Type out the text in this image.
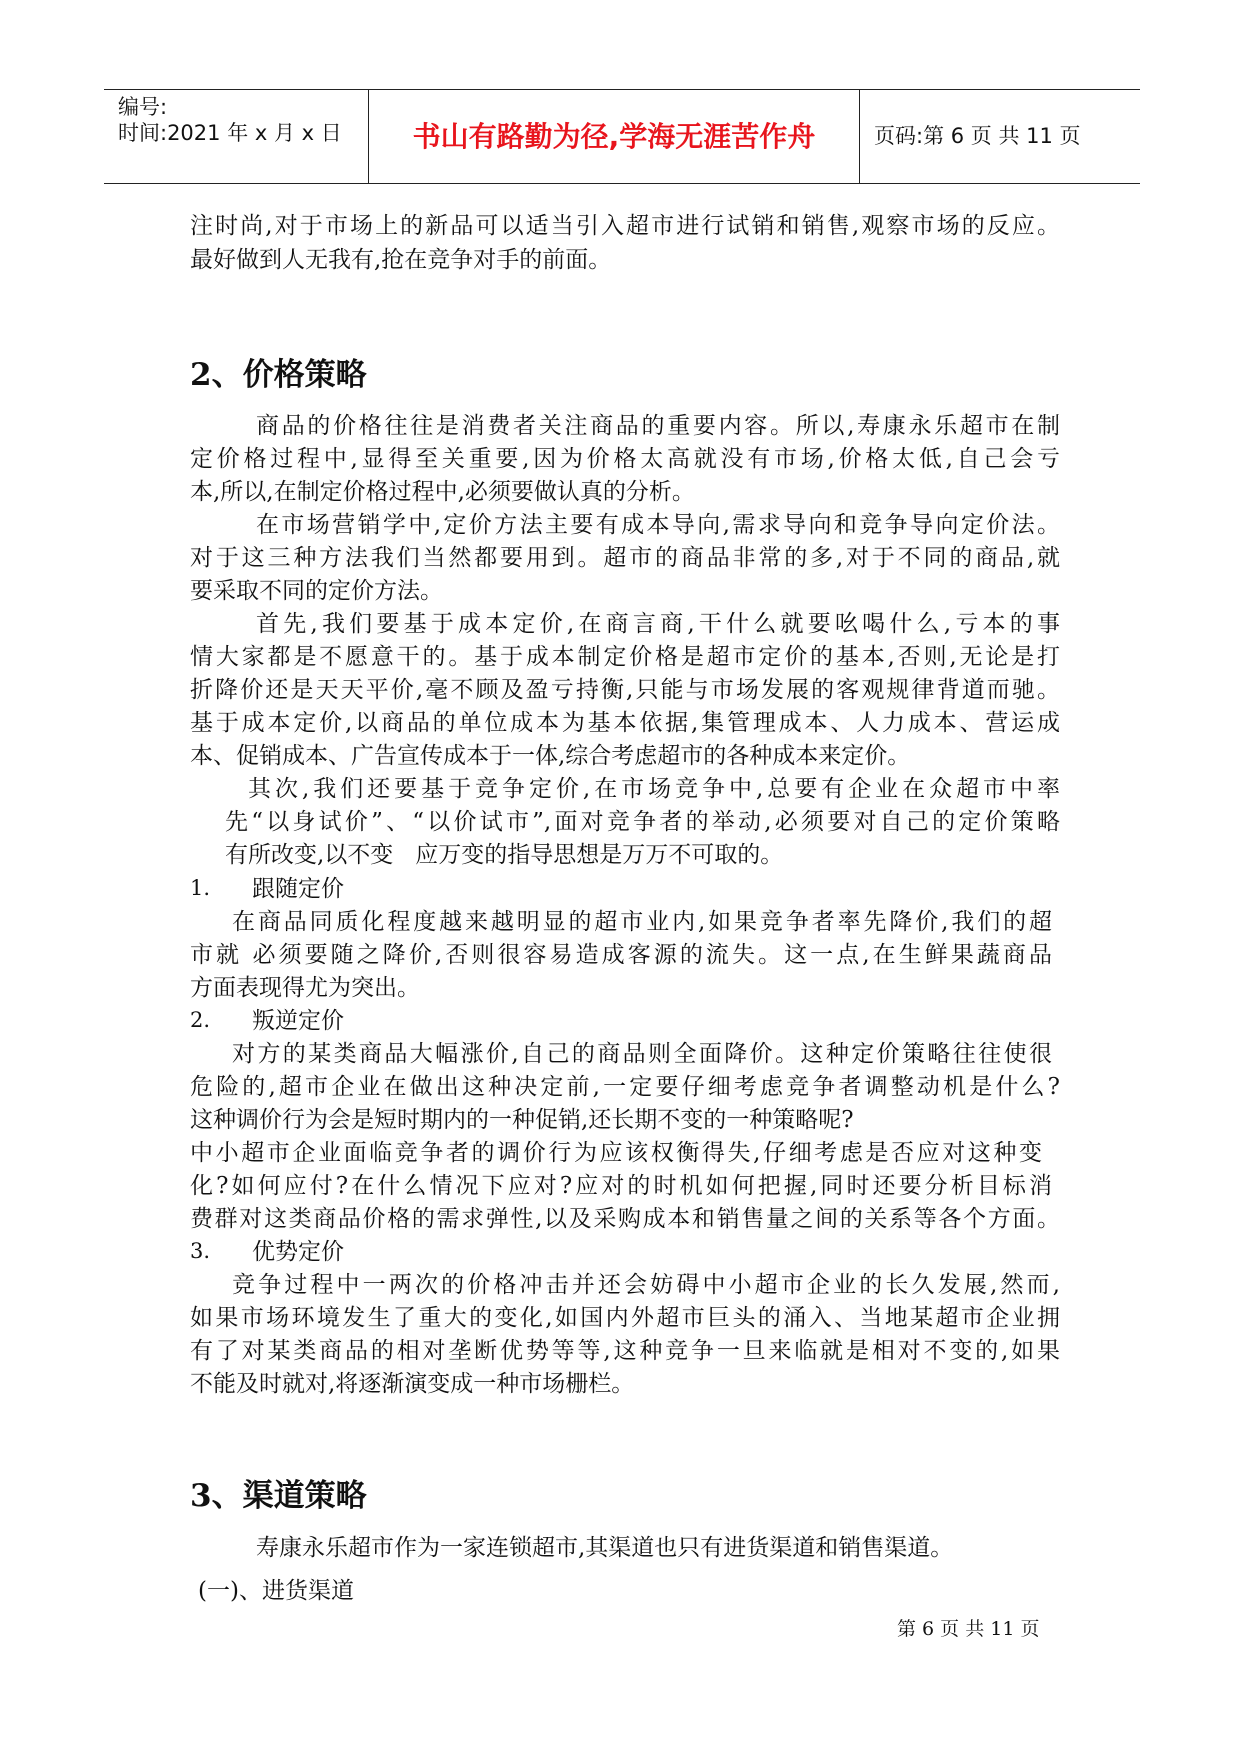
编号:
时间:2021 年 x 月 x 日	书山有路勤为径,学海无涯苦作舟	页码:第 6 页 共 11 页
注时尚,对于市场上的新品可以适当引入超市进行试销和销售,观察市场的反应。
最好做到人无我有,抢在竞争对手的前面。
2、价格策略
商品的价格往往是消费者关注商品的重要内容。所以,寿康永乐超市在制
定价格过程中,显得至关重要,因为价格太高就没有市场,价格太低,自己会亏
本,所以,在制定价格过程中,必须要做认真的分析。
在市场营销学中,定价方法主要有成本导向,需求导向和竞争导向定价法。
对于这三种方法我们当然都要用到。超市的商品非常的多,对于不同的商品,就
要采取不同的定价方法。
首先,我们要基于成本定价,在商言商,干什么就要吆喝什么,亏本的事
情大家都是不愿意干的。基于成本制定价格是超市定价的基本,否则,无论是打
折降价还是天天平价,毫不顾及盈亏持衡,只能与市场发展的客观规律背道而驰。
基于成本定价,以商品的单位成本为基本依据,集管理成本、人力成本、营运成
本、促销成本、广告宣传成本于一体,综合考虑超市的各种成本来定价。
其次,我们还要基于竞争定价,在市场竞争中,总要有企业在众超市中率
先“以身试价”、“以价试市”,面对竞争者的举动,必须要对自己的定价策略
有所改变,以不变   应万变的指导思想是万万不可取的。
1. 跟随定价
在商品同质化程度越来越明显的超市业内,如果竞争者率先降价,我们的超
市就 必须要随之降价,否则很容易造成客源的流失。这一点,在生鲜果蔬商品
方面表现得尤为突出。
2. 叛逆定价
对方的某类商品大幅涨价,自己的商品则全面降价。这种定价策略往往使很
危险的,超市企业在做出这种决定前,一定要仔细考虑竞争者调整动机是什么?
这种调价行为会是短时期内的一种促销,还长期不变的一种策略呢?
中小超市企业面临竞争者的调价行为应该权衡得失,仔细考虑是否应对这种变
化?如何应付?在什么情况下应对?应对的时机如何把握,同时还要分析目标消
费群对这类商品价格的需求弹性,以及采购成本和销售量之间的关系等各个方面。
3. 优势定价
竞争过程中一两次的价格冲击并还会妨碍中小超市企业的长久发展,然而,
如果市场环境发生了重大的变化,如国内外超市巨头的涌入、当地某超市企业拥
有了对某类商品的相对垄断优势等等,这种竞争一旦来临就是相对不变的,如果
不能及时就对,将逐渐演变成一种市场栅栏。
3、渠道策略
寿康永乐超市作为一家连锁超市,其渠道也只有进货渠道和销售渠道。
(一)、进货渠道
第 6 页 共 11 页
